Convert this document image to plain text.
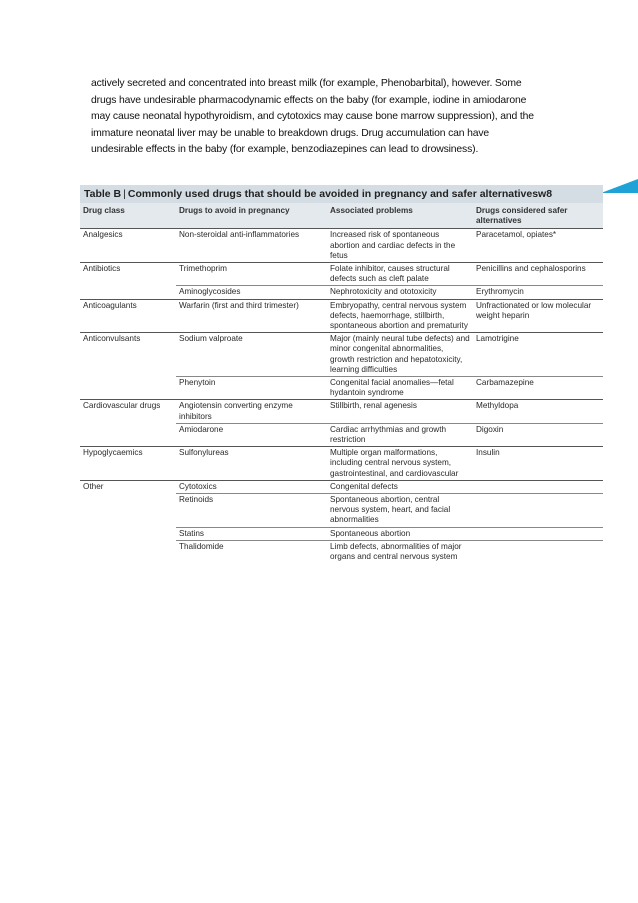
actively secreted and concentrated into breast milk (for example, Phenobarbital), however. Some
drugs have undesirable pharmacodynamic effects on the baby (for example, iodine in amiodarone
may cause neonatal hypothyroidism, and cytotoxics may cause bone marrow suppression), and the
immature neonatal liver may be unable to breakdown drugs. Drug accumulation can have
undesirable effects in the baby (for example, benzodiazepines can lead to drowsiness).
Table B | Commonly used drugs that should be avoided in pregnancy and safer alternativesw8
Drug class	Drugs to avoid in pregnancy	Associated problems	Drugs considered safer alternatives
Analgesics	Non-steroidal anti-inflammatories	Increased risk of spontaneous abortion and cardiac defects in the fetus	Paracetamol, opiates*
Antibiotics	Trimethoprim	Folate inhibitor, causes structural defects such as cleft palate	Penicillins and cephalosporins
	Aminoglycosides	Nephrotoxicity and ototoxicity	Erythromycin
Anticoagulants	Warfarin (first and third trimester)	Embryopathy, central nervous system defects, haemorrhage, stillbirth, spontaneous abortion and prematurity	Unfractionated or low molecular weight heparin
Anticonvulsants	Sodium valproate	Major (mainly neural tube defects) and minor congenital abnormalities, growth restriction and hepatotoxicity, learning difficulties	Lamotrigine
	Phenytoin	Congenital facial anomalies—fetal hydantoin syndrome	Carbamazepine
Cardiovascular drugs	Angiotensin converting enzyme inhibitors	Stillbirth, renal agenesis	Methyldopa
	Amiodarone	Cardiac arrhythmias and growth restriction	Digoxin
Hypoglycaemics	Sulfonylureas	Multiple organ malformations, including central nervous system, gastrointestinal, and cardiovascular	Insulin
Other	Cytotoxics	Congenital defects	
	Retinoids	Spontaneous abortion, central nervous system, heart, and facial abnormalities	
	Statins	Spontaneous abortion	
	Thalidomide	Limb defects, abnormalities of major organs and central nervous system	
